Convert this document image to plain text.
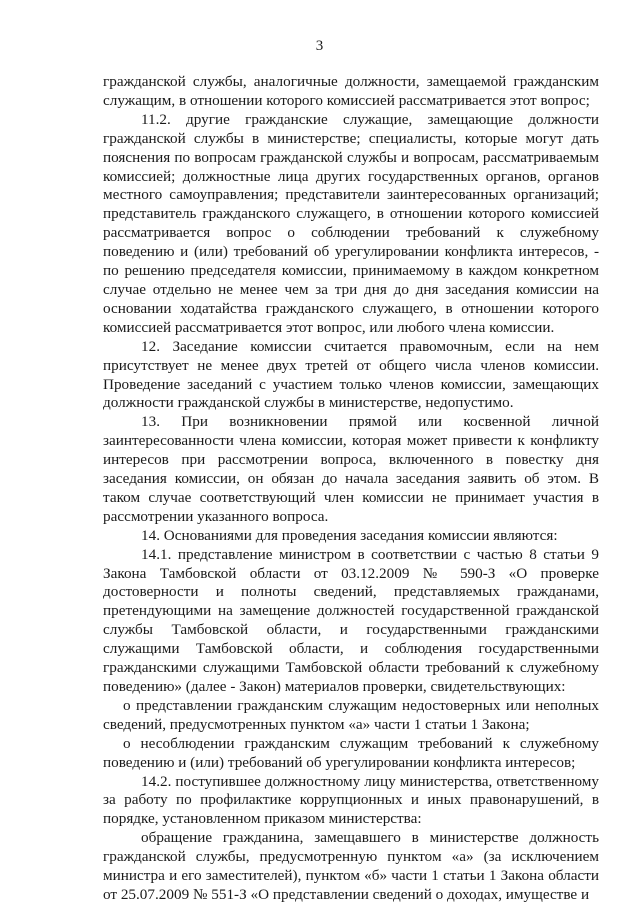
3

гражданской службы, аналогичные должности, замещаемой гражданским служащим, в отношении которого комиссией рассматривается этот вопрос;

11.2. другие гражданские служащие, замещающие должности гражданской службы в министерстве; специалисты, которые могут дать пояснения по вопросам гражданской службы и вопросам, рассматриваемым комиссией; должностные лица других государственных органов, органов местного самоуправления; представители заинтересованных организаций; представитель гражданского служащего, в отношении которого комиссией рассматривается вопрос о соблюдении требований к служебному поведению и (или) требований об урегулировании конфликта интересов, - по решению председателя комиссии, принимаемому в каждом конкретном случае отдельно не менее чем за три дня до дня заседания комиссии на основании ходатайства гражданского служащего, в отношении которого комиссией рассматривается этот вопрос, или любого члена комиссии.

12. Заседание комиссии считается правомочным, если на нем присутствует не менее двух третей от общего числа членов комиссии. Проведение заседаний с участием только членов комиссии, замещающих должности гражданской службы в министерстве, недопустимо.

13. При возникновении прямой или косвенной личной заинтересованности члена комиссии, которая может привести к конфликту интересов при рассмотрении вопроса, включенного в повестку дня заседания комиссии, он обязан до начала заседания заявить об этом. В таком случае соответствующий член комиссии не принимает участия в рассмотрении указанного вопроса.

14. Основаниями для проведения заседания комиссии являются:

14.1. представление министром в соответствии с частью 8 статьи 9 Закона Тамбовской области от 03.12.2009 № 590-З «О проверке достоверности и полноты сведений, представляемых гражданами, претендующими на замещение должностей государственной гражданской службы Тамбовской области, и государственными гражданскими служащими Тамбовской области, и соблюдения государственными гражданскими служащими Тамбовской области требований к служебному поведению» (далее - Закон) материалов проверки, свидетельствующих:

о представлении гражданским служащим недостоверных или неполных сведений, предусмотренных пунктом «а» части 1 статьи 1 Закона;

о несоблюдении гражданским служащим требований к служебному поведению и (или) требований об урегулировании конфликта интересов;

14.2. поступившее должностному лицу министерства, ответственному за работу по профилактике коррупционных и иных правонарушений, в порядке, установленном приказом министерства:

обращение гражданина, замещавшего в министерстве должность гражданской службы, предусмотренную пунктом «а» (за исключением министра и его заместителей), пунктом «б» части 1 статьи 1 Закона области от 25.07.2009 № 551-З «О представлении сведений о доходах, имуществе и
